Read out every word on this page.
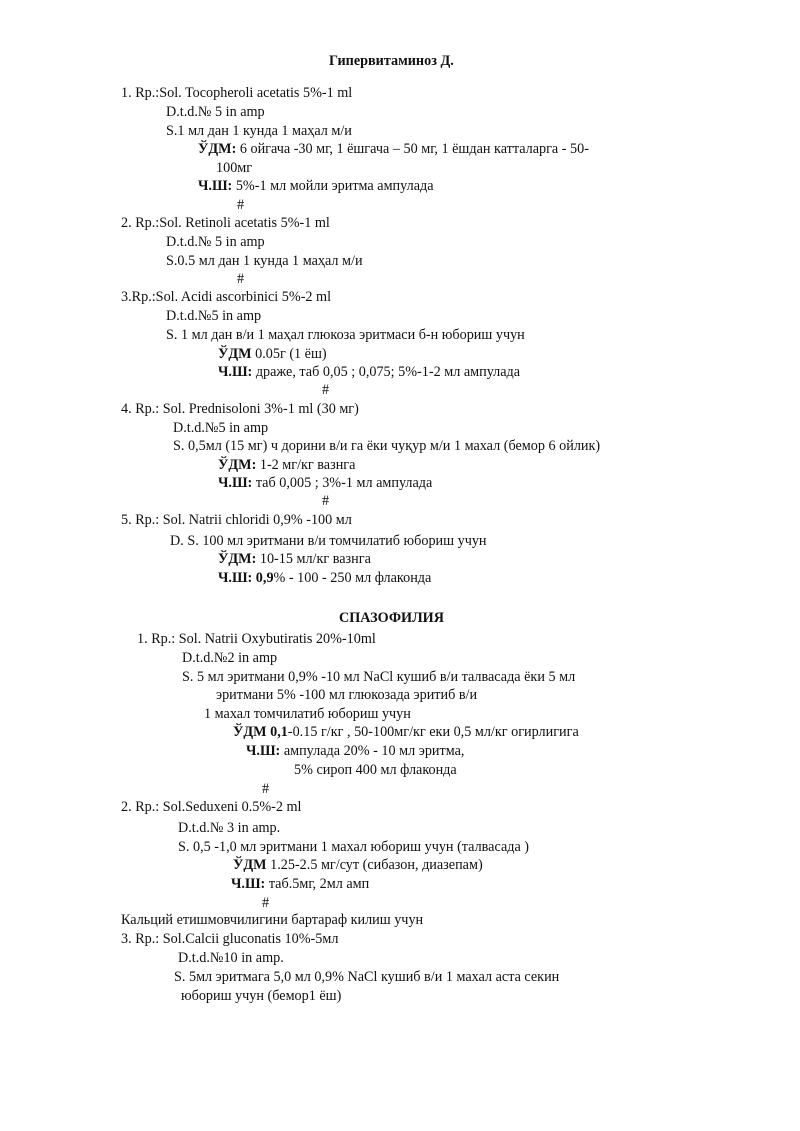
Гипервитаминоз Д.
1. Rp.:Sol. Tocopheroli acetatis 5%-1 ml
D.t.d.№ 5 in amp
S.1 мл дан 1 кунда 1 маҳал м/и
ЎДМ: 6 ойгача -30 мг, 1 ёшгача – 50 мг, 1 ёшдан катталарга - 50-
100мг
Ч.Ш: 5%-1 мл мойли эритма ампулада
#
2. Rp.:Sol. Retinoli acetatis 5%-1 ml
D.t.d.№ 5 in amp
S.0.5 мл дан 1 кунда 1 маҳал м/и
#
3.Rp.:Sol. Acidi ascorbinici 5%-2 ml
D.t.d.№5 in amp
S. 1 мл дан в/и 1 маҳал глюкоза эритмаси б-н юбориш учун
ЎДМ 0.05г (1 ёш)
Ч.Ш: драже, таб 0,05 ; 0,075; 5%-1-2 мл ампулада
#
4. Rp.: Sol. Prednisoloni 3%-1 ml (30 мг)
D.t.d.№5 in amp
S. 0,5мл (15 мг) ч дорини в/и га ёки чуқур м/и 1 махал (бемор 6 ойлик)
ЎДМ: 1-2 мг/кг вазнга
Ч.Ш: таб 0,005 ; 3%-1 мл ампулада
#
5. Rp.: Sol. Natrii chloridi 0,9% -100 мл
D. S. 100 мл эритмани в/и томчилатиб юбориш учун
ЎДМ: 10-15 мл/кг вазнга
Ч.Ш: 0,9% - 100 - 250 мл флаконда
СПАЗОФИЛИЯ
1. Rp.: Sol. Natrii Oxybutiratis 20%-10ml
D.t.d.№2 in amp
S. 5 мл эритмани 0,9% -10 мл NaCl кушиб в/и талвасада ёки 5 мл
эритмани 5% -100 мл глюкозада эритиб в/и
1 махал томчилатиб юбориш учун
ЎДМ 0,1-0.15 г/кг , 50-100мг/кг еки 0,5 мл/кг огирлигига
Ч.Ш: ампулада 20% - 10 мл эритма,
5% сироп 400 мл флаконда
#
2. Rp.: Sol.Seduxeni 0.5%-2 ml
D.t.d.№ 3 in amp.
S. 0,5 -1,0 мл эритмани 1 махал юбориш учун (талвасада )
ЎДМ 1.25-2.5 мг/сут (сибазон, диазепам)
Ч.Ш: таб.5мг, 2мл амп
#
Кальций етишмовчилигини бартараф килиш учун
3. Rp.: Sol.Calcii gluconatis 10%-5мл
D.t.d.№10 in amp.
S. 5мл эритмага 5,0 мл 0,9% NaCl кушиб в/и 1 махал аста секин
юбориш учун (бемор1 ёш)
